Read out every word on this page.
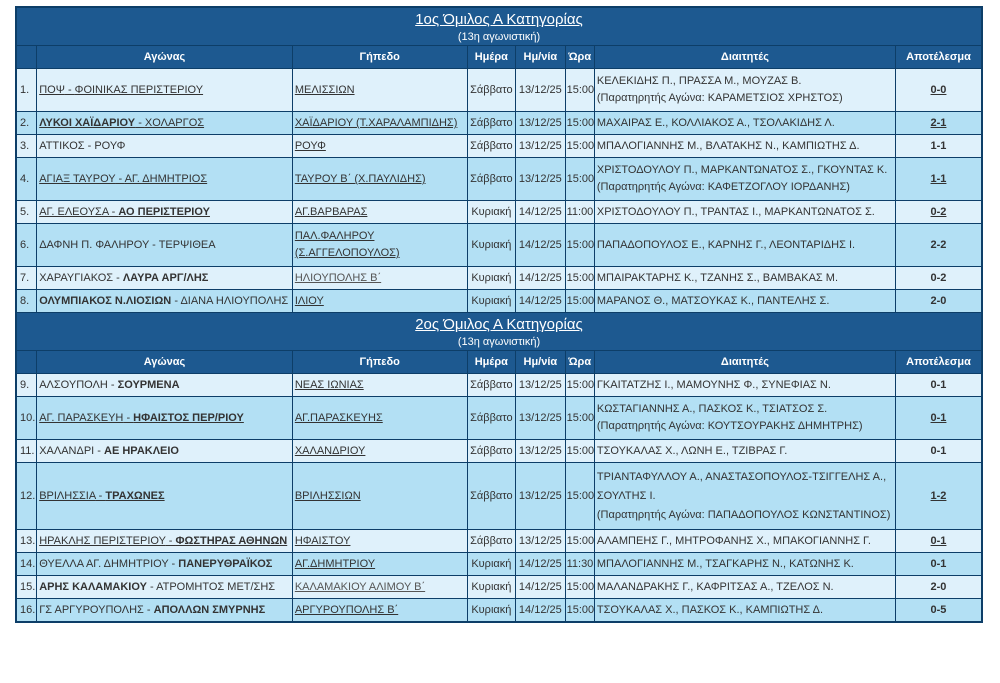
1ος Όμιλος Α Κατηγορίας
(13η αγωνιστική)							

	Αγώνας	Γήπεδο	Ημέρα	Ημ/νία	Ώρα	Διαιτητές	Αποτέλεσμα
1.	ΠΟΨ - ΦΟΙΝΙΚΑΣ ΠΕΡΙΣΤΕΡΙΟΥ	ΜΕΛΙΣΣΙΩΝ	Σάββατο	13/12/25	15:00	ΚΕΛΕΚΙΔΗΣ Π., ΠΡΑΣΣΑ Μ., ΜΟΥΖΑΣ Β.
(Παρατηρητής Αγώνα: ΚΑΡΑΜΕΤΣΙΟΣ ΧΡΗΣΤΟΣ)	0-0
2.	ΛΥΚΟΙ ΧΑΪΔΑΡΙΟΥ - ΧΟΛΑΡΓΟΣ	ΧΑΪΔΑΡΙΟΥ (Τ.ΧΑΡΑΛΑΜΠΙΔΗΣ)	Σάββατο	13/12/25	15:00	ΜΑΧΑΙΡΑΣ Ε., ΚΟΛΛΙΑΚΟΣ Α., ΤΣΟΛΑΚΙΔΗΣ Λ.	2-1
3.	ΑΤΤΙΚΟΣ - ΡΟΥΦ	ΡΟΥΦ	Σάββατο	13/12/25	15:00	ΜΠΑΛΟΓΙΑΝΝΗΣ Μ., ΒΛΑΤΑΚΗΣ Ν., ΚΑΜΠΙΩΤΗΣ Δ.	1-1
4.	ΑΓΙΑΞ ΤΑΥΡΟΥ - ΑΓ. ΔΗΜΗΤΡΙΟΣ	ΤΑΥΡΟΥ Β΄ (Χ.ΠΑΥΛΙΔΗΣ)	Σάββατο	13/12/25	15:00	ΧΡΙΣΤΟΔΟΥΛΟΥ Π., ΜΑΡΚΑΝΤΩΝΑΤΟΣ Σ., ΓΚΟΥΝΤΑΣ Κ.
(Παρατηρητής Αγώνα: ΚΑΦΕΤΖΟΓΛΟΥ ΙΟΡΔΑΝΗΣ)	1-1
5.	ΑΓ. ΕΛΕΟΥΣΑ - ΑΟ ΠΕΡΙΣΤΕΡΙΟΥ	ΑΓ.ΒΑΡΒΑΡΑΣ	Κυριακή	14/12/25	11:00	ΧΡΙΣΤΟΔΟΥΛΟΥ Π., ΤΡΑΝΤΑΣ Ι., ΜΑΡΚΑΝΤΩΝΑΤΟΣ Σ.	0-2
6.	ΔΑΦΝΗ Π. ΦΑΛΗΡΟΥ - ΤΕΡΨΙΘΕΑ	ΠΑΛ.ΦΑΛΗΡΟΥ
(Σ.ΑΓΓΕΛΟΠΟΥΛΟΣ)	Κυριακή	14/12/25	15:00	ΠΑΠΑΔΟΠΟΥΛΟΣ Ε., ΚΑΡΝΗΣ Γ., ΛΕΟΝΤΑΡΙΔΗΣ Ι.	2-2
7.	ΧΑΡΑΥΓΙΑΚΟΣ - ΛΑΥΡΑ ΑΡΓ/ΛΗΣ	ΗΛΙΟΥΠΟΛΗΣ Β΄	Κυριακή	14/12/25	15:00	ΜΠΑΙΡΑΚΤΑΡΗΣ Κ., ΤΖΑΝΗΣ Σ., ΒΑΜΒΑΚΑΣ Μ.	0-2
8.	ΟΛΥΜΠΙΑΚΟΣ Ν.ΛΙΟΣΙΩΝ - ΔΙΑΝΑ ΗΛΙΟΥΠΟΛΗΣ	ΙΛΙΟΥ	Κυριακή	14/12/25	15:00	ΜΑΡΑΝΟΣ Θ., ΜΑΤΣΟΥΚΑΣ Κ., ΠΑΝΤΕΛΗΣ Σ.	2-0

2ος Όμιλος Α Κατηγορίας
(13η αγωνιστική)							

	Αγώνας	Γήπεδο	Ημέρα	Ημ/νία	Ώρα	Διαιτητές	Αποτέλεσμα
9.	ΑΛΣΟΥΠΟΛΗ - ΣΟΥΡΜΕΝΑ	ΝΕΑΣ ΙΩΝΙΑΣ	Σάββατο	13/12/25	15:00	ΓΚΑΙΤΑΤΖΗΣ Ι., ΜΑΜΟΥΝΗΣ Φ., ΣΥΝΕΦΙΑΣ Ν.	0-1
10.	ΑΓ. ΠΑΡΑΣΚΕΥΗ - ΗΦΑΙΣΤΟΣ ΠΕΡ/ΡΙΟΥ	ΑΓ.ΠΑΡΑΣΚΕΥΗΣ	Σάββατο	13/12/25	15:00	ΚΩΣΤΑΓΙΑΝΝΗΣ Α., ΠΑΣΚΟΣ Κ., ΤΣΙΑΤΣΟΣ Σ.
(Παρατηρητής Αγώνα: ΚΟΥΤΣΟΥΡΑΚΗΣ ΔΗΜΗΤΡΗΣ)	0-1
11.	ΧΑΛΑΝΔΡΙ - ΑΕ ΗΡΑΚΛΕΙΟ	ΧΑΛΑΝΔΡΙΟΥ	Σάββατο	13/12/25	15:00	ΤΣΟΥΚΑΛΑΣ Χ., ΛΩΝΗ Ε., ΤΖΙΒΡΑΣ Γ.	0-1
12.	ΒΡΙΛΗΣΣΙΑ - ΤΡΑΧΩΝΕΣ	ΒΡΙΛΗΣΣΙΩΝ	Σάββατο	13/12/25	15:00	ΤΡΙΑΝΤΑΦΥΛΛΟΥ Α., ΑΝΑΣΤΑΣΟΠΟΥΛΟΣ-ΤΣΙΓΓΕΛΗΣ Α., ΣΟΥΛΤΗΣ Ι.
(Παρατηρητής Αγώνα: ΠΑΠΑΔΟΠΟΥΛΟΣ ΚΩΝΣΤΑΝΤΙΝΟΣ)	1-2
13.	ΗΡΑΚΛΗΣ ΠΕΡΙΣΤΕΡΙΟΥ - ΦΩΣΤΗΡΑΣ ΑΘΗΝΩΝ	ΗΦΑΙΣΤΟΥ	Σάββατο	13/12/25	15:00	ΑΛΑΜΠΕΗΣ Γ., ΜΗΤΡΟΦΑΝΗΣ Χ., ΜΠΑΚΟΓΙΑΝΝΗΣ Γ.	0-1
14.	ΘΥΕΛΛΑ ΑΓ. ΔΗΜΗΤΡΙΟΥ - ΠΑΝΕΡΥΘΡΑΪΚΟΣ	ΑΓ.ΔΗΜΗΤΡΙΟΥ	Κυριακή	14/12/25	11:30	ΜΠΑΛΟΓΙΑΝΝΗΣ Μ., ΤΣΑΓΚΑΡΗΣ Ν., ΚΑΤΩΝΗΣ Κ.	0-1
15.	ΑΡΗΣ ΚΑΛΑΜΑΚΙΟΥ - ΑΤΡΟΜΗΤΟΣ ΜΕΤ/ΣΗΣ	ΚΑΛΑΜΑΚΙΟΥ ΑΛΙΜΟΥ Β΄	Κυριακή	14/12/25	15:00	ΜΑΛΑΝΔΡΑΚΗΣ Γ., ΚΑΦΡΙΤΣΑΣ Α., ΤΖΕΛΟΣ Ν.	2-0
16.	ΓΣ ΑΡΓΥΡΟΥΠΟΛΗΣ - ΑΠΟΛΛΩΝ ΣΜΥΡΝΗΣ	ΑΡΓΥΡΟΥΠΟΛΗΣ Β΄	Κυριακή	14/12/25	15:00	ΤΣΟΥΚΑΛΑΣ Χ., ΠΑΣΚΟΣ Κ., ΚΑΜΠΙΩΤΗΣ Δ.	0-5
